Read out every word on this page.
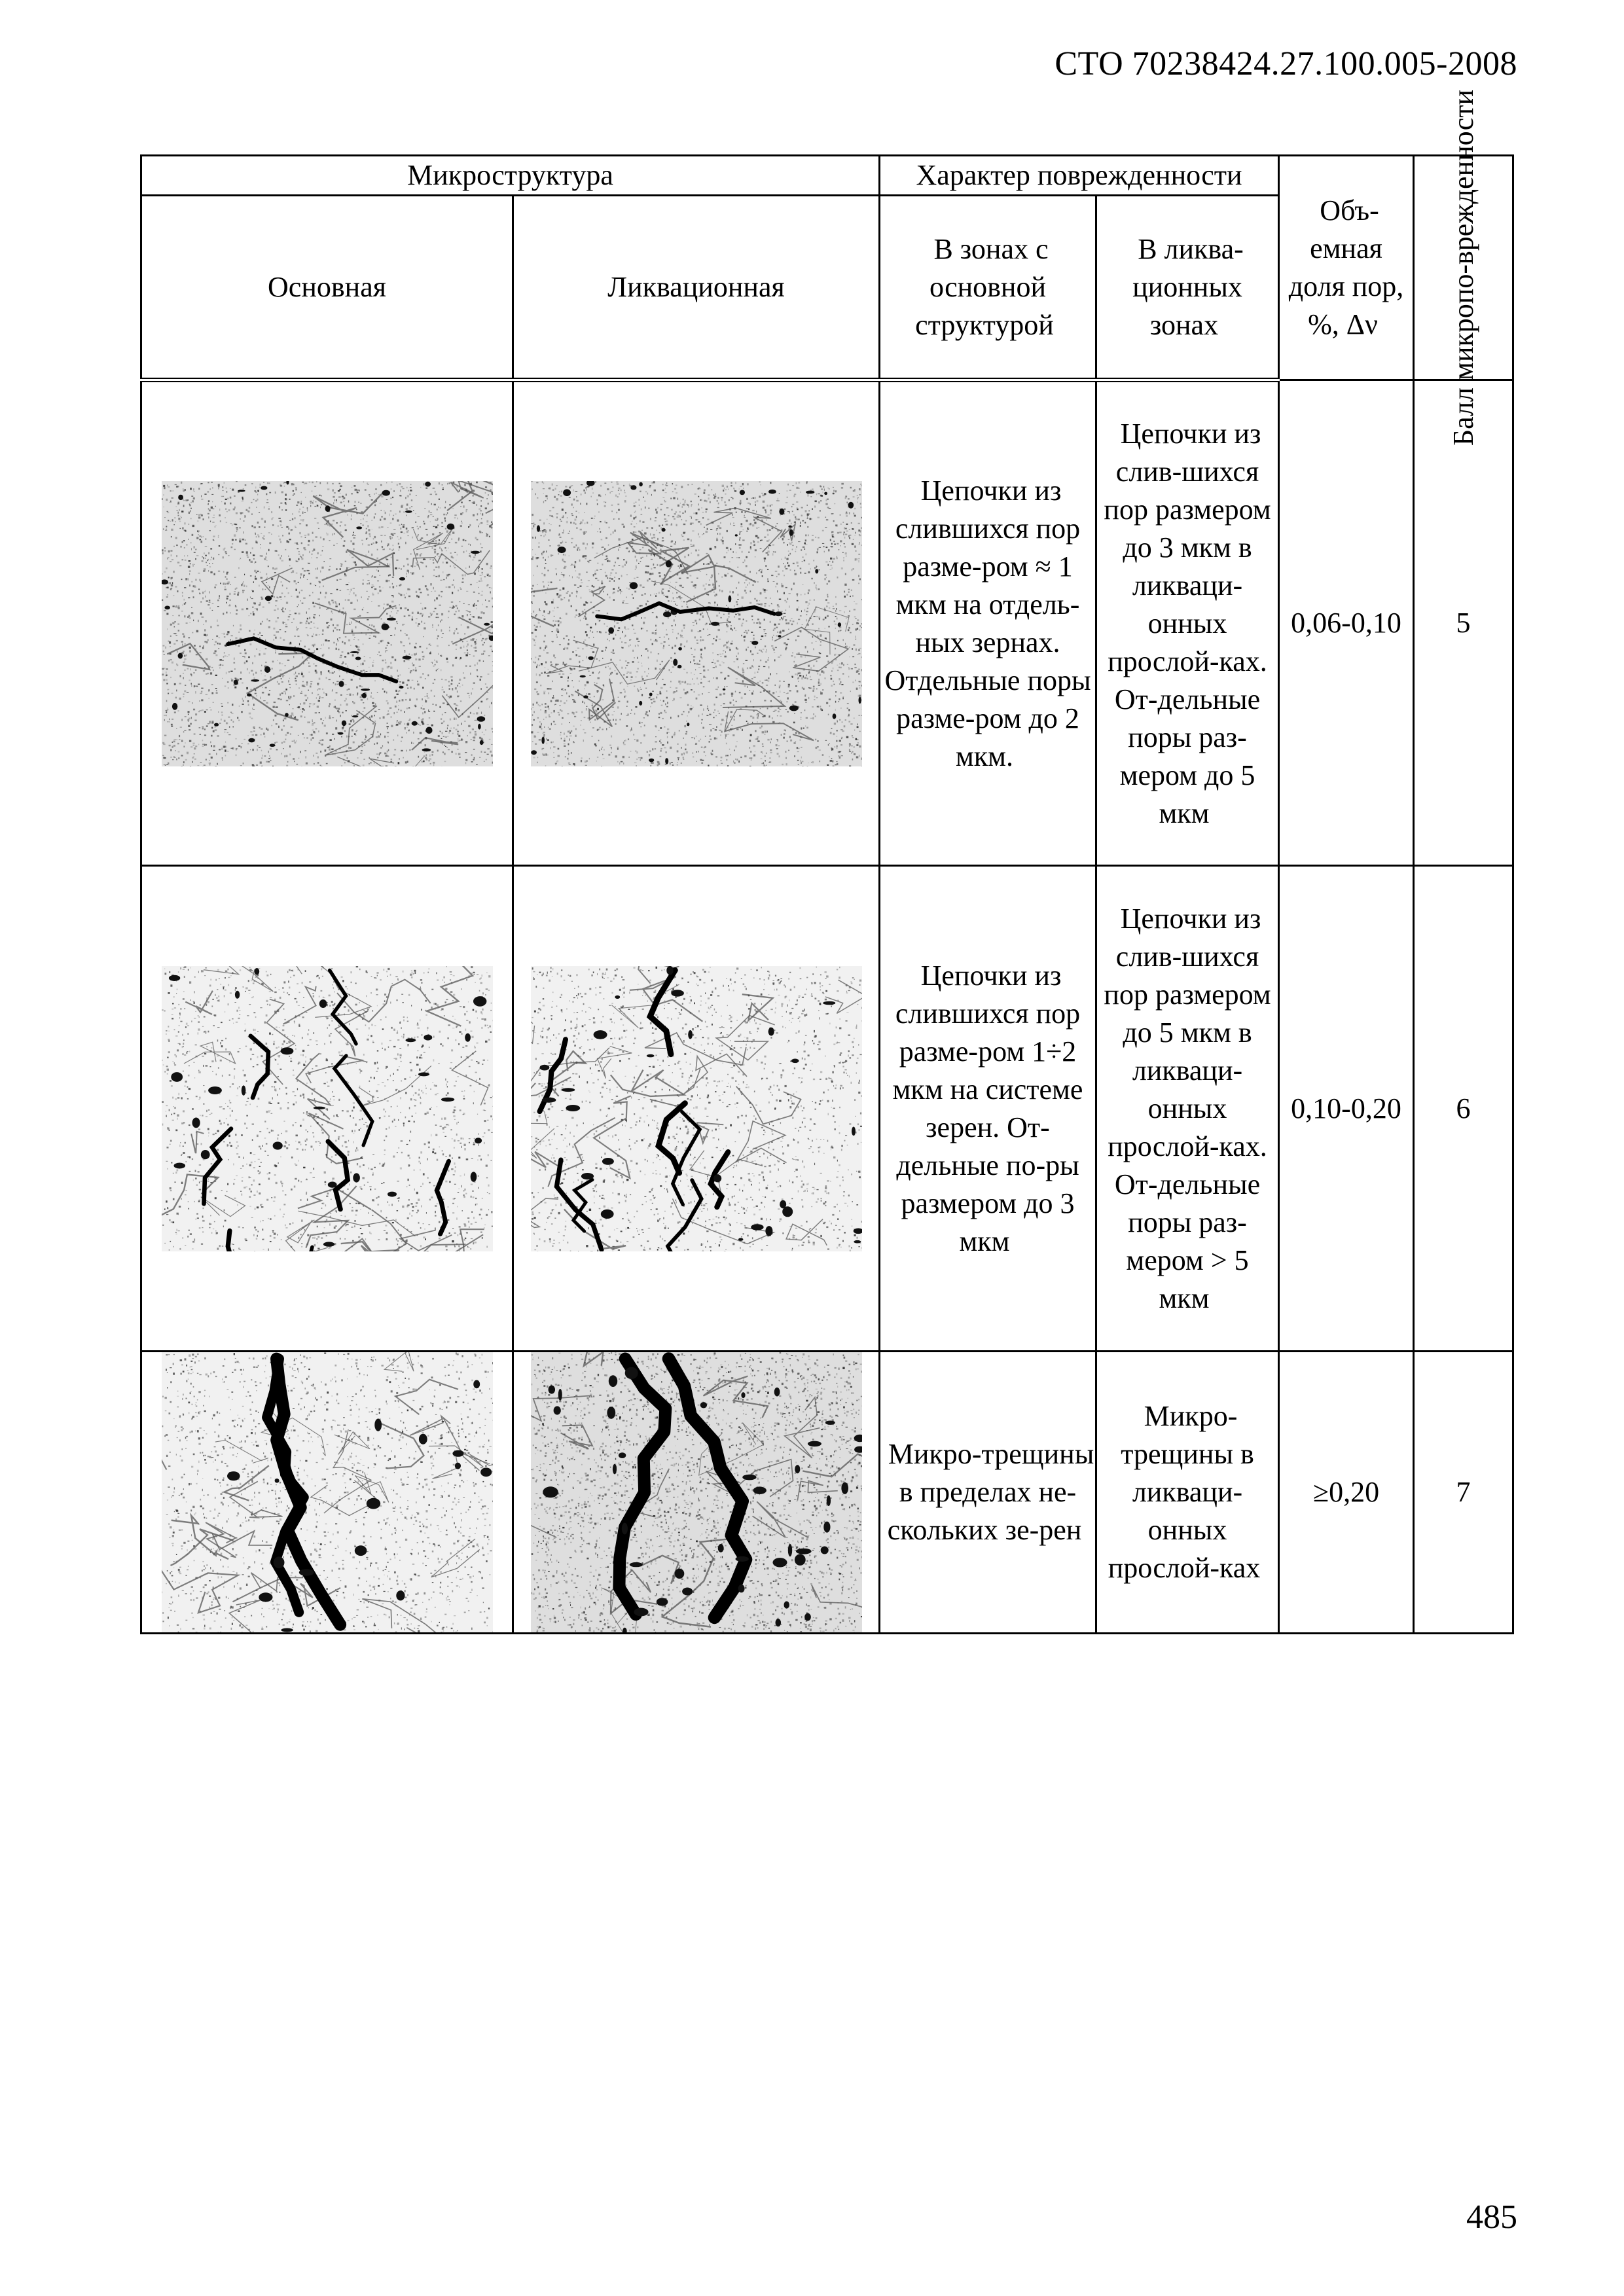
СТО 70238424.27.100.005-2008
Микроструктура		Характер поврежденности		Объ-емная доля пор, %, Δν	Балл микропо-врежденности

Основная	Ликвационная	В зонах с основной структурой	В ликва-ционных зонах		

	Цепочки из слившихся пор разме-ром ≈ 1 мкм на отдель-ных зернах. Отдельные поры разме-ром до 2 мкм.	Цепочки из слив-шихся пор размером до 3 мкм в ликваци-онных прослой-ках. От-дельные поры раз-мером до 5 мкм	0,06-0,10	5

	Цепочки из слившихся пор разме-ром 1÷2 мкм на системе зерен. От-дельные по-ры размером до 3 мкм	Цепочки из слив-шихся пор размером до 5 мкм в ликваци-онных прослой-ках. От-дельные поры раз-мером > 5 мкм	0,10-0,20	6

	Микро-трещины в пределах не-скольких зе-рен	Микро-трещины в ликваци-онных прослой-ках	≥0,20	7
485
